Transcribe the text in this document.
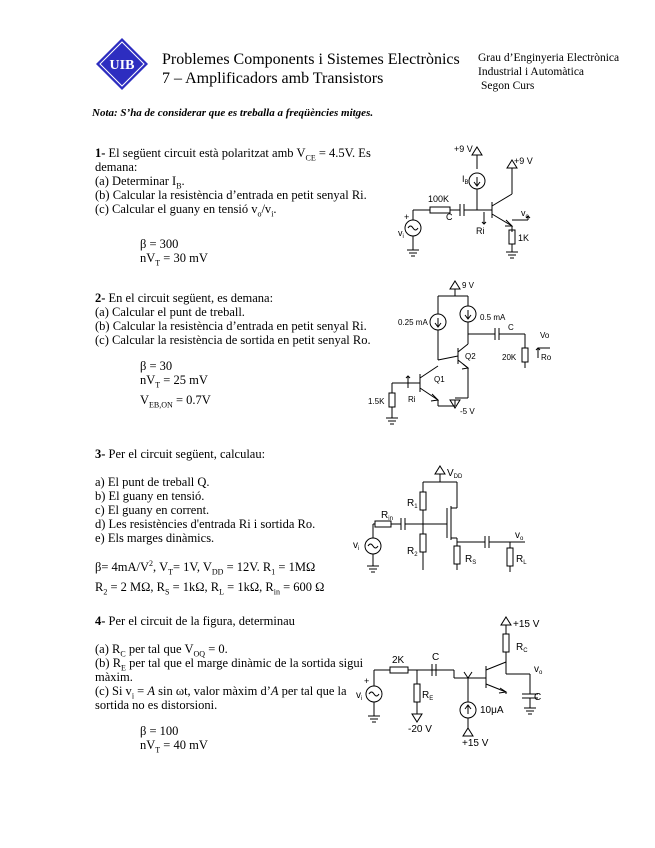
UIB Problemes Components i Sistemes Electrònics
7 – Amplificadors amb Transistors
Grau d’Enginyeria Electrònica
Industrial i Automàtica
Segon Curs
Nota: S’ha de considerar que es treballa a freqüències mitges.
1- El següent circuit està polaritzat amb $V_{CE} = 4.5V$. Es
demana:
(a) Determinar $I_B$.
(b) Calcular la resistència d’entrada en petit senyal Ri.
(c) Calcular el guany en tensió $v_o/v_i$.
β = 300
$nV_T = 30$ mV
+9 V
+9 V
$I_B$
100K
C
Ri
1K
$v_o$
$v_i$
+
2- En el circuit següent, es demana:
(a) Calcular el punt de treball.
(b) Calcular la resistència d’entrada en petit senyal Ri.
(c) Calcular la resistència de sortida en petit senyal Ro.
β = 30
$nV_T = 25$ mV
$V_{EB,ON} = 0.7V$
9 V
0.25 mA
0.5 mA
C
Vo
Q2	20K	Ro
Q1
1.5K	Ri
-5 V
3- Per el circuit següent, calculau:
a) El punt de treball Q.
b) El guany en tensió.
c) El guany en corrent.
d) Les resistències d'entrada Ri i sortida Ro.
e) Els marges dinàmics.
$\beta= 4mA/V^2$, $V_T= 1V$, $V_{DD} = 12V$. $R_1 = 1M\Omega$
$R_2 = 2$ MΩ, $R_S = 1k\Omega$, $R_L = 1k\Omega$, $R_{in} = 600$ Ω
$V_{DD}$
$R_1$
$R_{in}$
$R_2$	$R_S$	$R_L$
$v_o$
$v_i$
4- Per el circuit de la figura, determinau
(a) $R_C$ per tal que $V_{OQ} = 0$.
(b) $R_E$ per tal que el marge dinàmic de la sortida sigui
màxim.
(c) Si $v_i = A$ sin ωt, valor màxim d’A per tal que la
sortida no es distorsioni.
β = 100
$nV_T = 40$ mV
+15 V
$R_C$
2K	C
$v_o$
$R_E$	C
10μA
-20 V
+15 V
$v_i$
+
